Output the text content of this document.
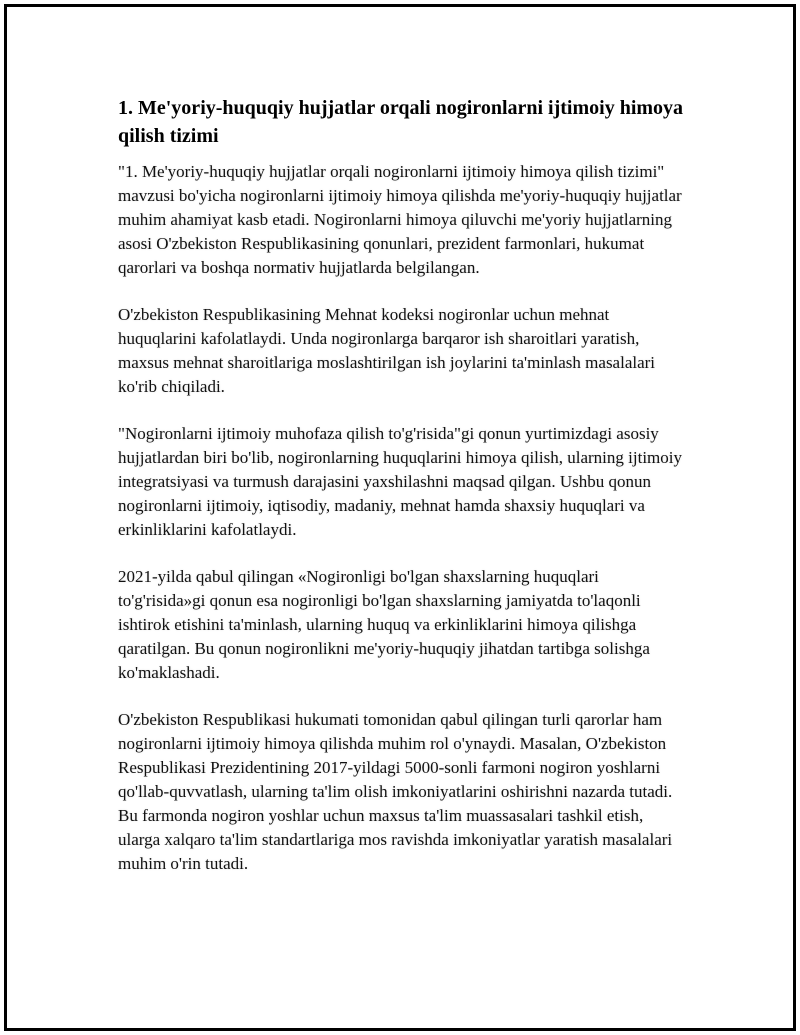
1. Me'yoriy-huquqiy hujjatlar orqali nogironlarni ijtimoiy himoya qilish tizimi

"1. Me'yoriy-huquqiy hujjatlar orqali nogironlarni ijtimoiy himoya qilish tizimi" mavzusi bo'yicha nogironlarni ijtimoiy himoya qilishda me'yoriy-huquqiy hujjatlar muhim ahamiyat kasb etadi. Nogironlarni himoya qiluvchi me'yoriy hujjatlarning asosi O'zbekiston Respublikasining qonunlari, prezident farmonlari, hukumat qarorlari va boshqa normativ hujjatlarda belgilangan.

O'zbekiston Respublikasining Mehnat kodeksi nogironlar uchun mehnat huquqlarini kafolatlaydi. Unda nogironlarga barqaror ish sharoitlari yaratish, maxsus mehnat sharoitlariga moslashtirilgan ish joylarini ta'minlash masalalari ko'rib chiqiladi.

"Nogironlarni ijtimoiy muhofaza qilish to'g'risida"gi qonun yurtimizdagi asosiy hujjatlardan biri bo'lib, nogironlarning huquqlarini himoya qilish, ularning ijtimoiy integratsiyasi va turmush darajasini yaxshilashni maqsad qilgan. Ushbu qonun nogironlarni ijtimoiy, iqtisodiy, madaniy, mehnat hamda shaxsiy huquqlari va erkinliklarini kafolatlaydi.

2021-yilda qabul qilingan «Nogironligi bo'lgan shaxslarning huquqlari to'g'risida»gi qonun esa nogironligi bo'lgan shaxslarning jamiyatda to'laqonli ishtirok etishini ta'minlash, ularning huquq va erkinliklarini himoya qilishga qaratilgan. Bu qonun nogironlikni me'yoriy-huquqiy jihatdan tartibga solishga ko'maklashadi.

O'zbekiston Respublikasi hukumati tomonidan qabul qilingan turli qarorlar ham nogironlarni ijtimoiy himoya qilishda muhim rol o'ynaydi. Masalan, O'zbekiston Respublikasi Prezidentining 2017-yildagi 5000-sonli farmoni nogiron yoshlarni qo'llab-quvvatlash, ularning ta'lim olish imkoniyatlarini oshirishni nazarda tutadi. Bu farmonda nogiron yoshlar uchun maxsus ta'lim muassasalari tashkil etish, ularga xalqaro ta'lim standartlariga mos ravishda imkoniyatlar yaratish masalalari muhim o'rin tutadi.
